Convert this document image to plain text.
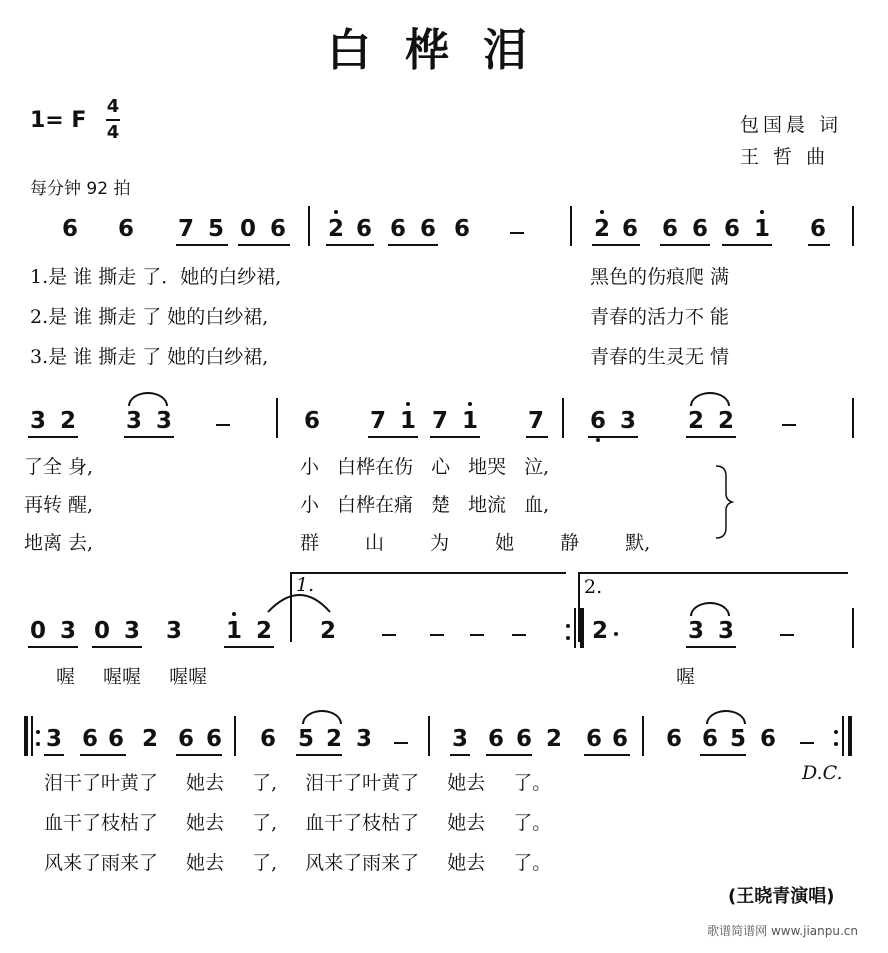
白桦泪
1= F
4
4	包国晨 词
王 哲 曲
每分钟 92 拍
6 6 7 5 0 6 2 6 6 6 6	2 6 6 6 6 1 6
1.是 谁 撕走 了．她的白纱裙,
2.是 谁 撕走 了 她的白纱裙,
3.是 谁 撕走 了 她的白纱裙,
黑色的伤痕爬 满
青春的活力不 能
青春的生灵无 情
3 2 3 3	6 7 1 7 1 7 6 3 2 2
了全 身,
再转 醒,
地离 去,
小 白桦在伤 心 地哭 泣,
小 白桦在痛 楚 地流 血,
群 山 为 她 静 默,
1.	2.
0 3 0 3 3 1 2 2	2	3 3
喔 喔喔 喔喔	喔
3 6 6 2 6 6 6 5 2 3	3 6 6 2 6 6 6 6 5 6
D.C.
泪干了叶黄了 她去 了, 泪干了叶黄了 她去 了。
血干了枝枯了 她去 了, 血干了枝枯了 她去 了。
风来了雨来了 她去 了, 风来了雨来了 她去 了。
(王晓青演唱)
歌谱简谱网 www.jianpu.cn
